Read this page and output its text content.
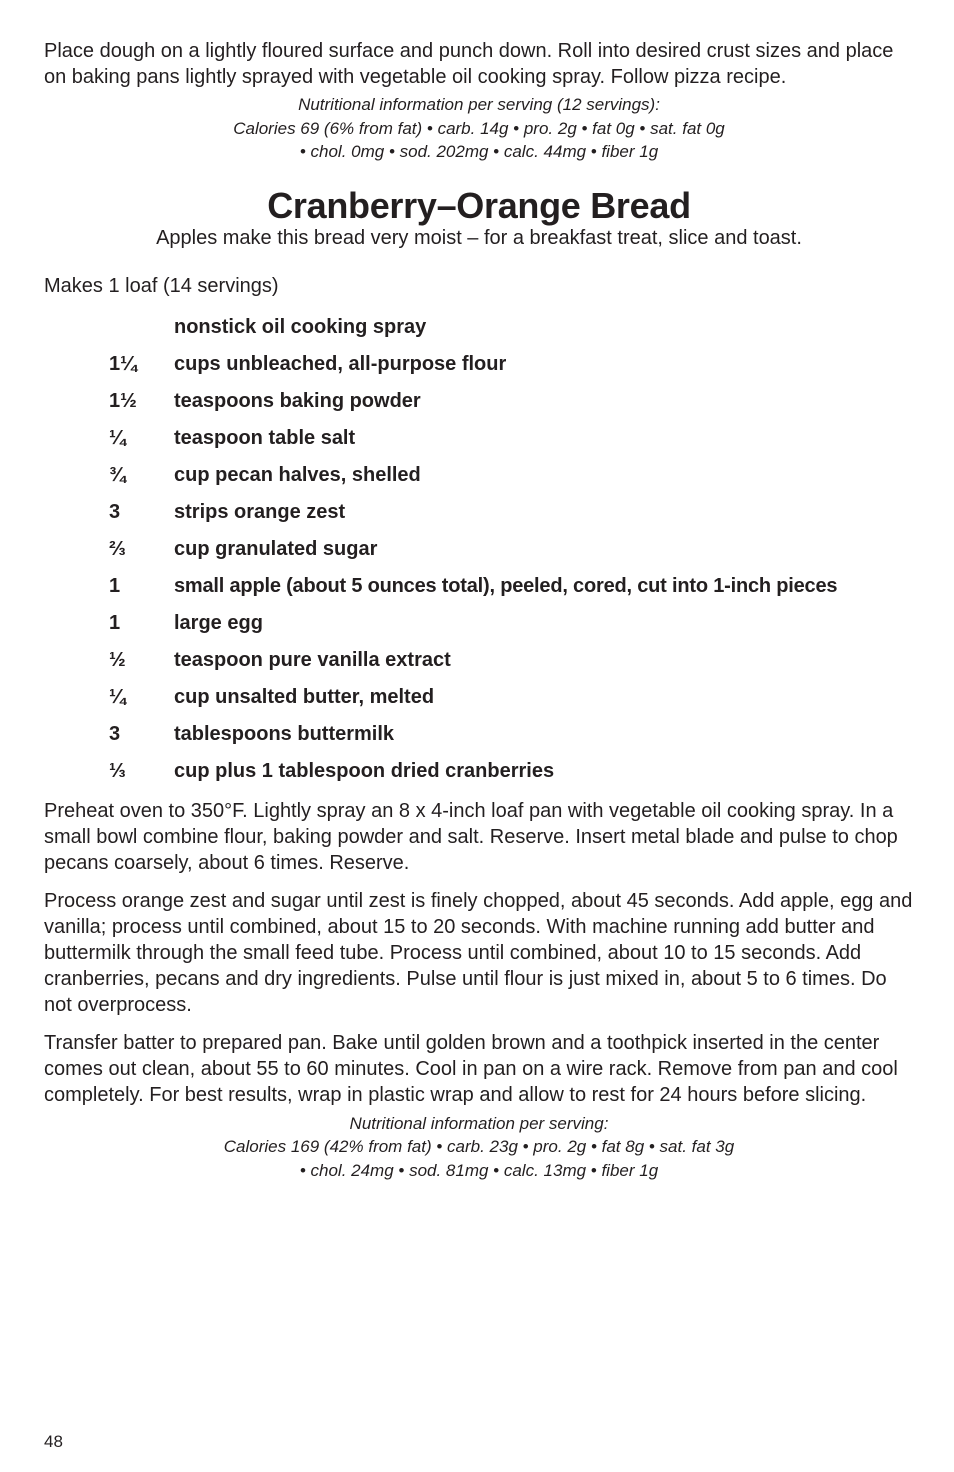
Place dough on a lightly floured surface and punch down. Roll into desired crust sizes and place on baking pans lightly sprayed with vegetable oil cooking spray. Follow pizza recipe.

Nutritional information per serving (12 servings):
Calories 69 (6% from fat) • carb. 14g • pro. 2g • fat 0g • sat. fat 0g
• chol. 0mg • sod. 202mg • calc. 44mg • fiber 1g
Cranberry–Orange Bread

Apples make this bread very moist – for a breakfast treat, slice and toast.

Makes 1 loaf (14 servings)

nonstick oil cooking spray
1¼	cups unbleached, all-purpose flour
1½	teaspoons baking powder
¼	teaspoon table salt
¾	cup pecan halves, shelled
3	strips orange zest
⅔	cup granulated sugar
1	small apple (about 5 ounces total), peeled, cored, cut into 1-inch pieces
1	large egg
½	teaspoon pure vanilla extract
¼	cup unsalted butter, melted
3	tablespoons buttermilk
⅓	cup plus 1 tablespoon dried cranberries

Preheat oven to 350°F. Lightly spray an 8 x 4-inch loaf pan with vegetable oil cooking spray. In a small bowl combine flour, baking powder and salt. Reserve. Insert metal blade and pulse to chop pecans coarsely, about 6 times. Reserve.

Process orange zest and sugar until zest is finely chopped, about 45 seconds. Add apple, egg and vanilla; process until combined, about 15 to 20 seconds. With machine running add butter and buttermilk through the small feed tube. Process until combined, about 10 to 15 seconds. Add cranberries, pecans and dry ingredients. Pulse until flour is just mixed in, about 5 to 6 times. Do not overprocess.

Transfer batter to prepared pan. Bake until golden brown and a toothpick inserted in the center comes out clean, about 55 to 60 minutes. Cool in pan on a wire rack. Remove from pan and cool completely. For best results, wrap in plastic wrap and allow to rest for 24 hours before slicing.

Nutritional information per serving:
Calories 169 (42% from fat) • carb. 23g • pro. 2g • fat 8g • sat. fat 3g
• chol. 24mg • sod. 81mg • calc. 13mg • fiber 1g
48
